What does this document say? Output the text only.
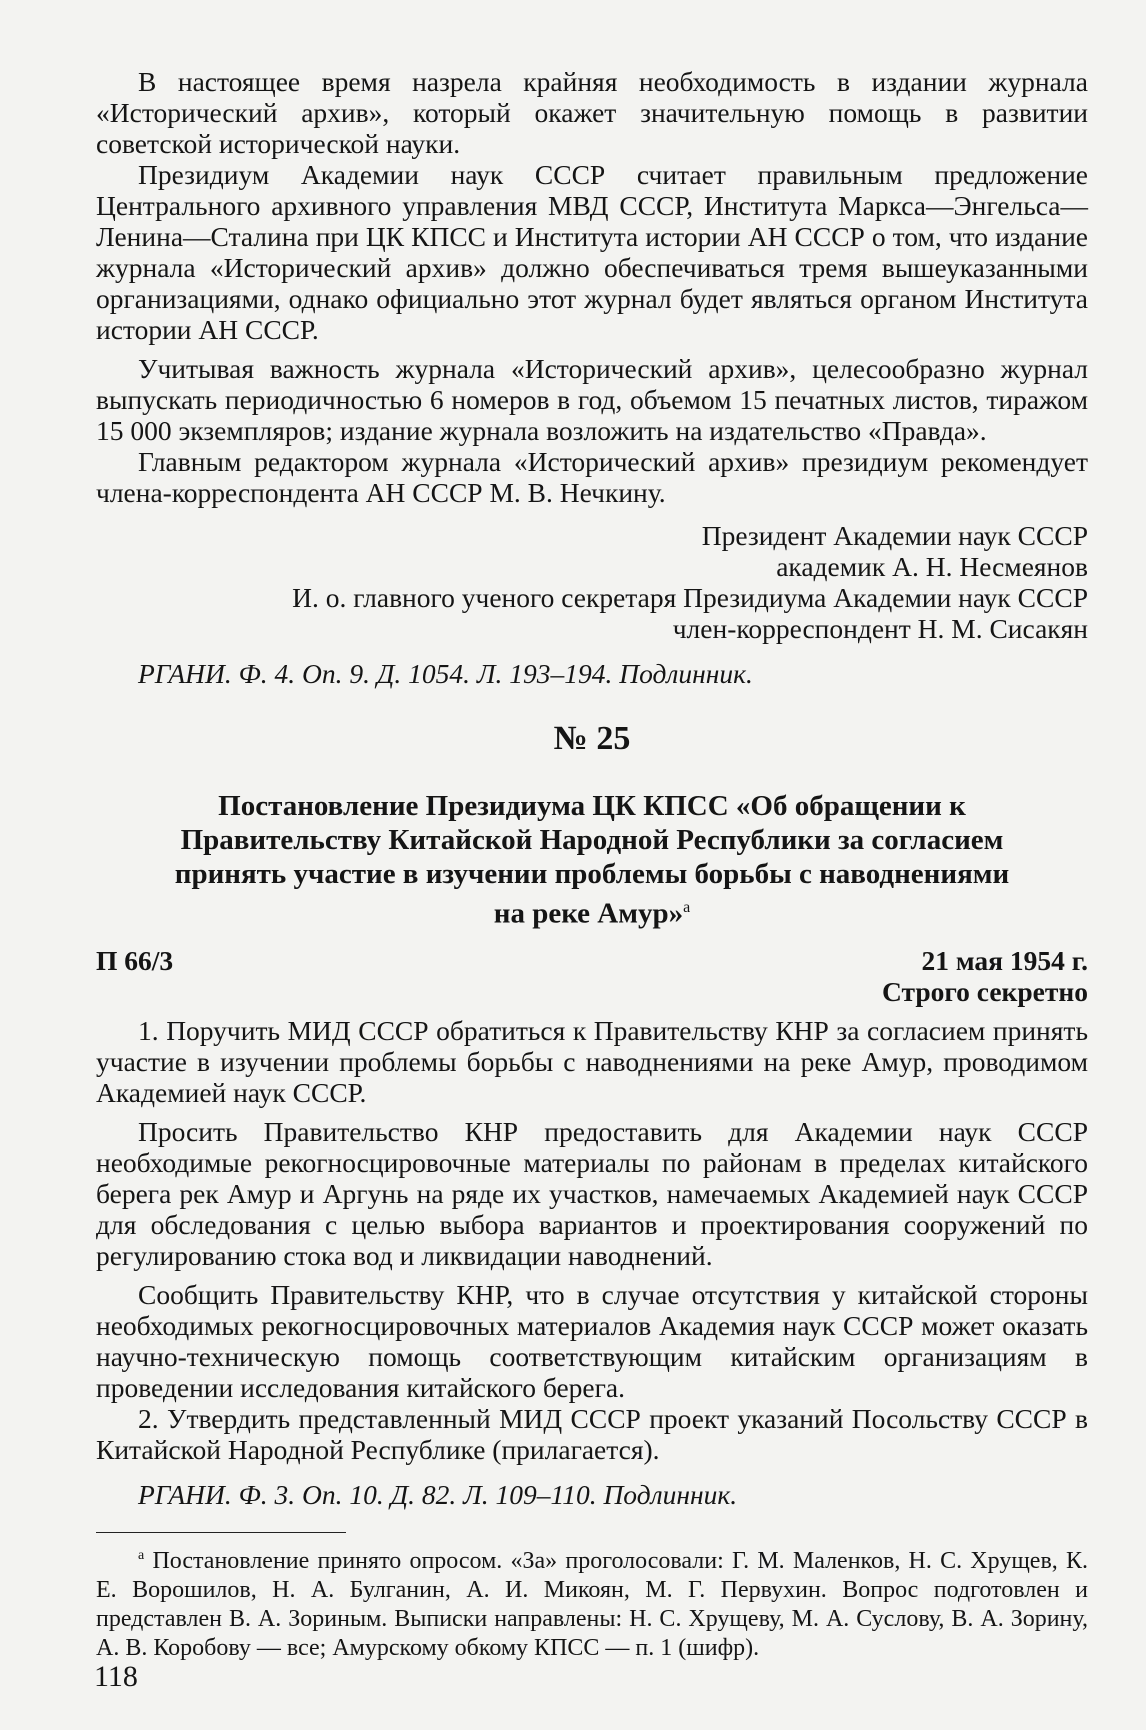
В настоящее время назрела крайняя необходимость в издании журнала «Исторический архив», который окажет значительную помощь в развитии советской исторической науки.

Президиум Академии наук СССР считает правильным предложение Центрального архивного управления МВД СССР, Института Маркса—Энгельса—Ленина—Сталина при ЦК КПСС и Института истории АН СССР о том, что издание журнала «Исторический архив» должно обеспечиваться тремя вышеуказанными организациями, однако официально этот журнал будет являться органом Института истории АН СССР.

Учитывая важность журнала «Исторический архив», целесообразно журнал выпускать периодичностью 6 номеров в год, объемом 15 печатных листов, тиражом 15 000 экземпляров; издание журнала возложить на издательство «Правда».

Главным редактором журнала «Исторический архив» президиум рекомендует члена-корреспондента АН СССР М. В. Нечкину.

Президент Академии наук СССР

академик А. Н. Несмеянов

И. о. главного ученого секретаря Президиума Академии наук СССР

член-корреспондент Н. М. Сисакян

РГАНИ. Ф. 4. Оп. 9. Д. 1054. Л. 193–194. Подлинник.

№ 25

Постановление Президиума ЦК КПСС «Об обращении к Правительству Китайской Народной Республики за согласием принять участие в изучении проблемы борьбы с наводнениями на реке Амур»$^а$

П 66/3	21 мая 1954 г.

Строго секретно

1. Поручить МИД СССР обратиться к Правительству КНР за согласием принять участие в изучении проблемы борьбы с наводнениями на реке Амур, проводимом Академией наук СССР.

Просить Правительство КНР предоставить для Академии наук СССР необходимые рекогносцировочные материалы по районам в пределах китайского берега рек Амур и Аргунь на ряде их участков, намечаемых Академией наук СССР для обследования с целью выбора вариантов и проектирования сооружений по регулированию стока вод и ликвидации наводнений.

Сообщить Правительству КНР, что в случае отсутствия у китайской стороны необходимых рекогносцировочных материалов Академия наук СССР может оказать научно-техническую помощь соответствующим китайским организациям в проведении исследования китайского берега.

2. Утвердить представленный МИД СССР проект указаний Посольству СССР в Китайской Народной Республике (прилагается).

РГАНИ. Ф. 3. Оп. 10. Д. 82. Л. 109–110. Подлинник.

$^а$ Постановление принято опросом. «За» проголосовали: Г. М. Маленков, Н. С. Хрущев, К. Е. Ворошилов, Н. А. Булганин, А. И. Микоян, М. Г. Первухин. Вопрос подготовлен и представлен В. А. Зориным. Выписки направлены: Н. С. Хрущеву, М. А. Суслову, В. А. Зорину, А. В. Коробову — все; Амурскому обкому КПСС — п. 1 (шифр).

118
